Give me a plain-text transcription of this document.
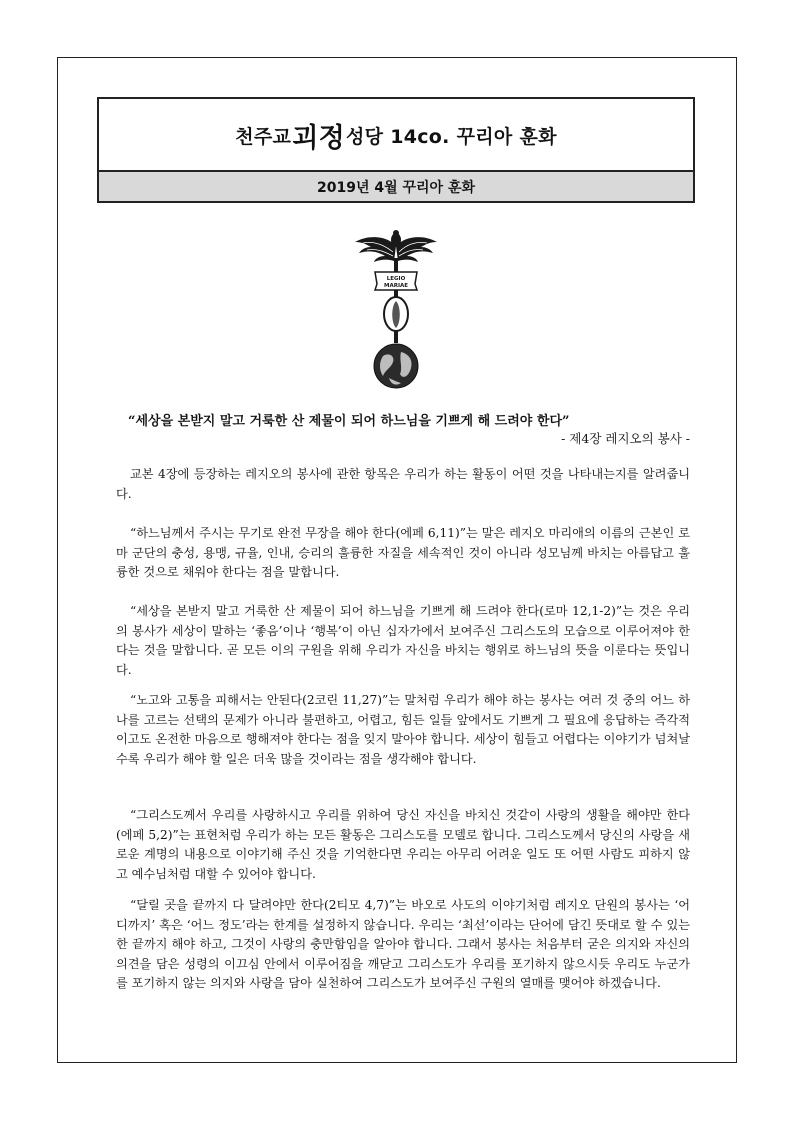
천주교 괴정 성당 14co. 꾸리아 훈화
2019년 4월 꾸리아 훈화
LEGIO
MARIAE
“세상을 본받지 말고 거룩한 산 제물이 되어 하느님을 기쁘게 해 드려야 한다”
- 제4장 레지오의 봉사 -

교본 4장에 등장하는 레지오의 봉사에 관한 항목은 우리가 하는 활동이 어떤 것을 나타내는지를 알려줍니다.

“하느님께서 주시는 무기로 완전 무장을 해야 한다(에페 6,11)”는 말은 레지오 마리애의 이름의 근본인 로마 군단의 충성, 용맹, 규율, 인내, 승리의 훌륭한 자질을 세속적인 것이 아니라 성모님께 바치는 아름답고 훌륭한 것으로 채워야 한다는 점을 말합니다.

“세상을 본받지 말고 거룩한 산 제물이 되어 하느님을 기쁘게 해 드려야 한다(로마 12,1-2)”는 것은 우리의 봉사가 세상이 말하는 ‘좋음’이나 ‘행복’이 아닌 십자가에서 보여주신 그리스도의 모습으로 이루어져야 한다는 것을 말합니다. 곧 모든 이의 구원을 위해 우리가 자신을 바치는 행위로 하느님의 뜻을 이룬다는 뜻입니다.

“노고와 고통을 피해서는 안된다(2코린 11,27)”는 말처럼 우리가 해야 하는 봉사는 여러 것 중의 어느 하나를 고르는 선택의 문제가 아니라 불편하고, 어렵고, 힘든 일들 앞에서도 기쁘게 그 필요에 응답하는 즉각적이고도 온전한 마음으로 행해져야 한다는 점을 잊지 말아야 합니다. 세상이 힘들고 어렵다는 이야기가 넘쳐날수록 우리가 해야 할 일은 더욱 많을 것이라는 점을 생각해야 합니다.

“그리스도께서 우리를 사랑하시고 우리를 위하여 당신 자신을 바치신 것같이 사랑의 생활을 해야만 한다(에페 5,2)”는 표현처럼 우리가 하는 모든 활동은 그리스도를 모델로 합니다. 그리스도께서 당신의 사랑을 새로운 계명의 내용으로 이야기해 주신 것을 기억한다면 우리는 아무리 어려운 일도 또 어떤 사람도 피하지 않고 예수님처럼 대할 수 있어야 합니다.

“달릴 곳을 끝까지 다 달려야만 한다(2티모 4,7)”는 바오로 사도의 이야기처럼 레지오 단원의 봉사는 ‘어디까지’ 혹은 ‘어느 정도’라는 한계를 설정하지 않습니다. 우리는 ‘최선’이라는 단어에 담긴 뜻대로 할 수 있는 한 끝까지 해야 하고, 그것이 사랑의 충만함임을 알아야 합니다. 그래서 봉사는 처음부터 굳은 의지와 자신의 의견을 담은 성령의 이끄심 안에서 이루어짐을 깨닫고 그리스도가 우리를 포기하지 않으시듯 우리도 누군가를 포기하지 않는 의지와 사랑을 담아 실천하여 그리스도가 보여주신 구원의 열매를 맺어야 하겠습니다.
